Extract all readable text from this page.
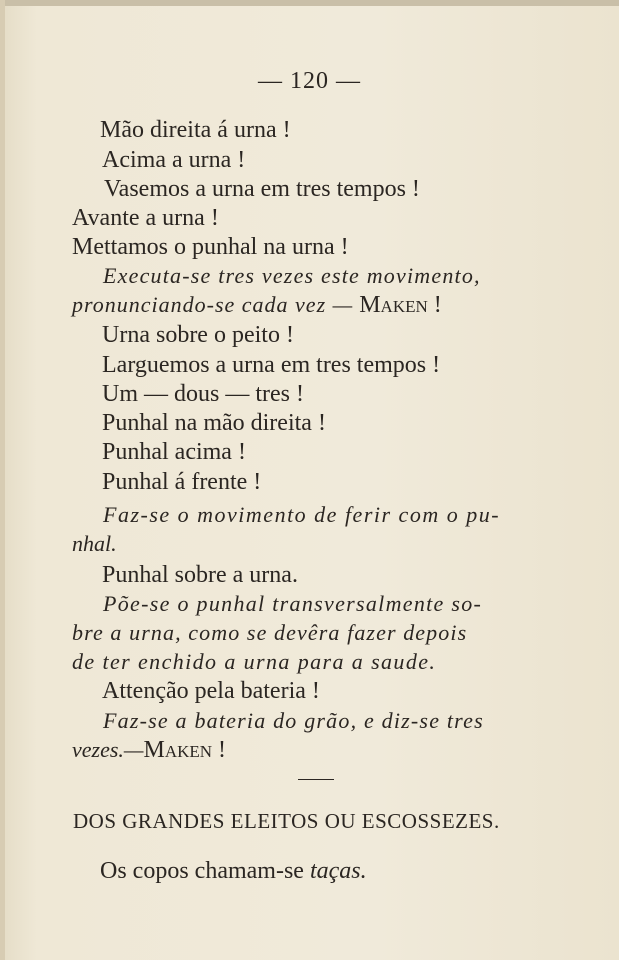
— 120 —
Mão direita á urna !
Acima a urna !
Vasemos a urna em tres tempos !
Avante a urna !
Mettamos o punhal na urna !
Executa-se tres vezes este movimento,
pronunciando-se cada vez — Maken !
Urna sobre o peito !
Larguemos a urna em tres tempos !
Um — dous — tres !
Punhal na mão direita !
Punhal acima !
Punhal á frente !
Faz-se o movimento de ferir com o pu-
nhal.
Punhal sobre a urna.
Põe-se o punhal transversalmente so-
bre a urna, como se devêra fazer depois
de ter enchido a urna para a saude.
Attenção pela bateria !
Faz-se a bateria do grão, e diz-se tres
vezes.—Maken !
DOS GRANDES ELEITOS OU ESCOSSEZES.
Os copos chamam-se taças.
